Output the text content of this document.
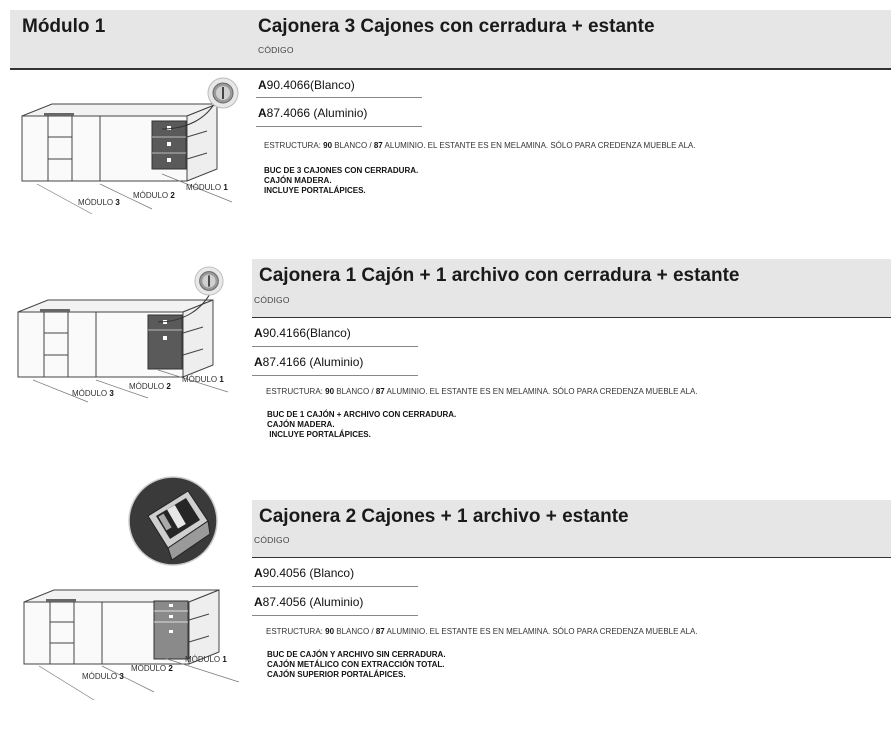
Módulo 1	Cajonera 3 Cajones con cerradura + estante
CÓDIGO
A90.4066(Blanco)
A87.4066 (Aluminio)
ESTRUCTURA: 90 BLANCO / 87 ALUMINIO. EL ESTANTE ES EN MELAMINA. SÓLO PARA CREDENZA MUEBLE ALA.
BUC DE 3 CAJONES CON CERRADURA.
CAJÓN MADERA.
INCLUYE PORTALÁPICES.
MÓDULO 3
MÓDULO 2
MÓDULO 1
Cajonera 1 Cajón + 1 archivo con cerradura + estante
CÓDIGO
A90.4166(Blanco)
A87.4166 (Aluminio)
ESTRUCTURA: 90 BLANCO / 87 ALUMINIO. EL ESTANTE ES EN MELAMINA. SÓLO PARA CREDENZA MUEBLE ALA.
BUC DE 1 CAJÓN + ARCHIVO CON CERRADURA.
CAJÓN MADERA.
INCLUYE PORTALÁPICES.
MÓDULO 3
MÓDULO 2
MÓDULO 1
Cajonera 2 Cajones + 1 archivo + estante
CÓDIGO
A90.4056 (Blanco)
A87.4056 (Aluminio)
ESTRUCTURA: 90 BLANCO / 87 ALUMINIO. EL ESTANTE ES EN MELAMINA. SÓLO PARA CREDENZA MUEBLE ALA.
BUC DE CAJÓN Y ARCHIVO SIN CERRADURA.
CAJÓN METÁLICO CON EXTRACCIÓN TOTAL.
CAJÓN SUPERIOR PORTALÁPICES.
MÓDULO 3
MÓDULO 2
MÓDULO 1
